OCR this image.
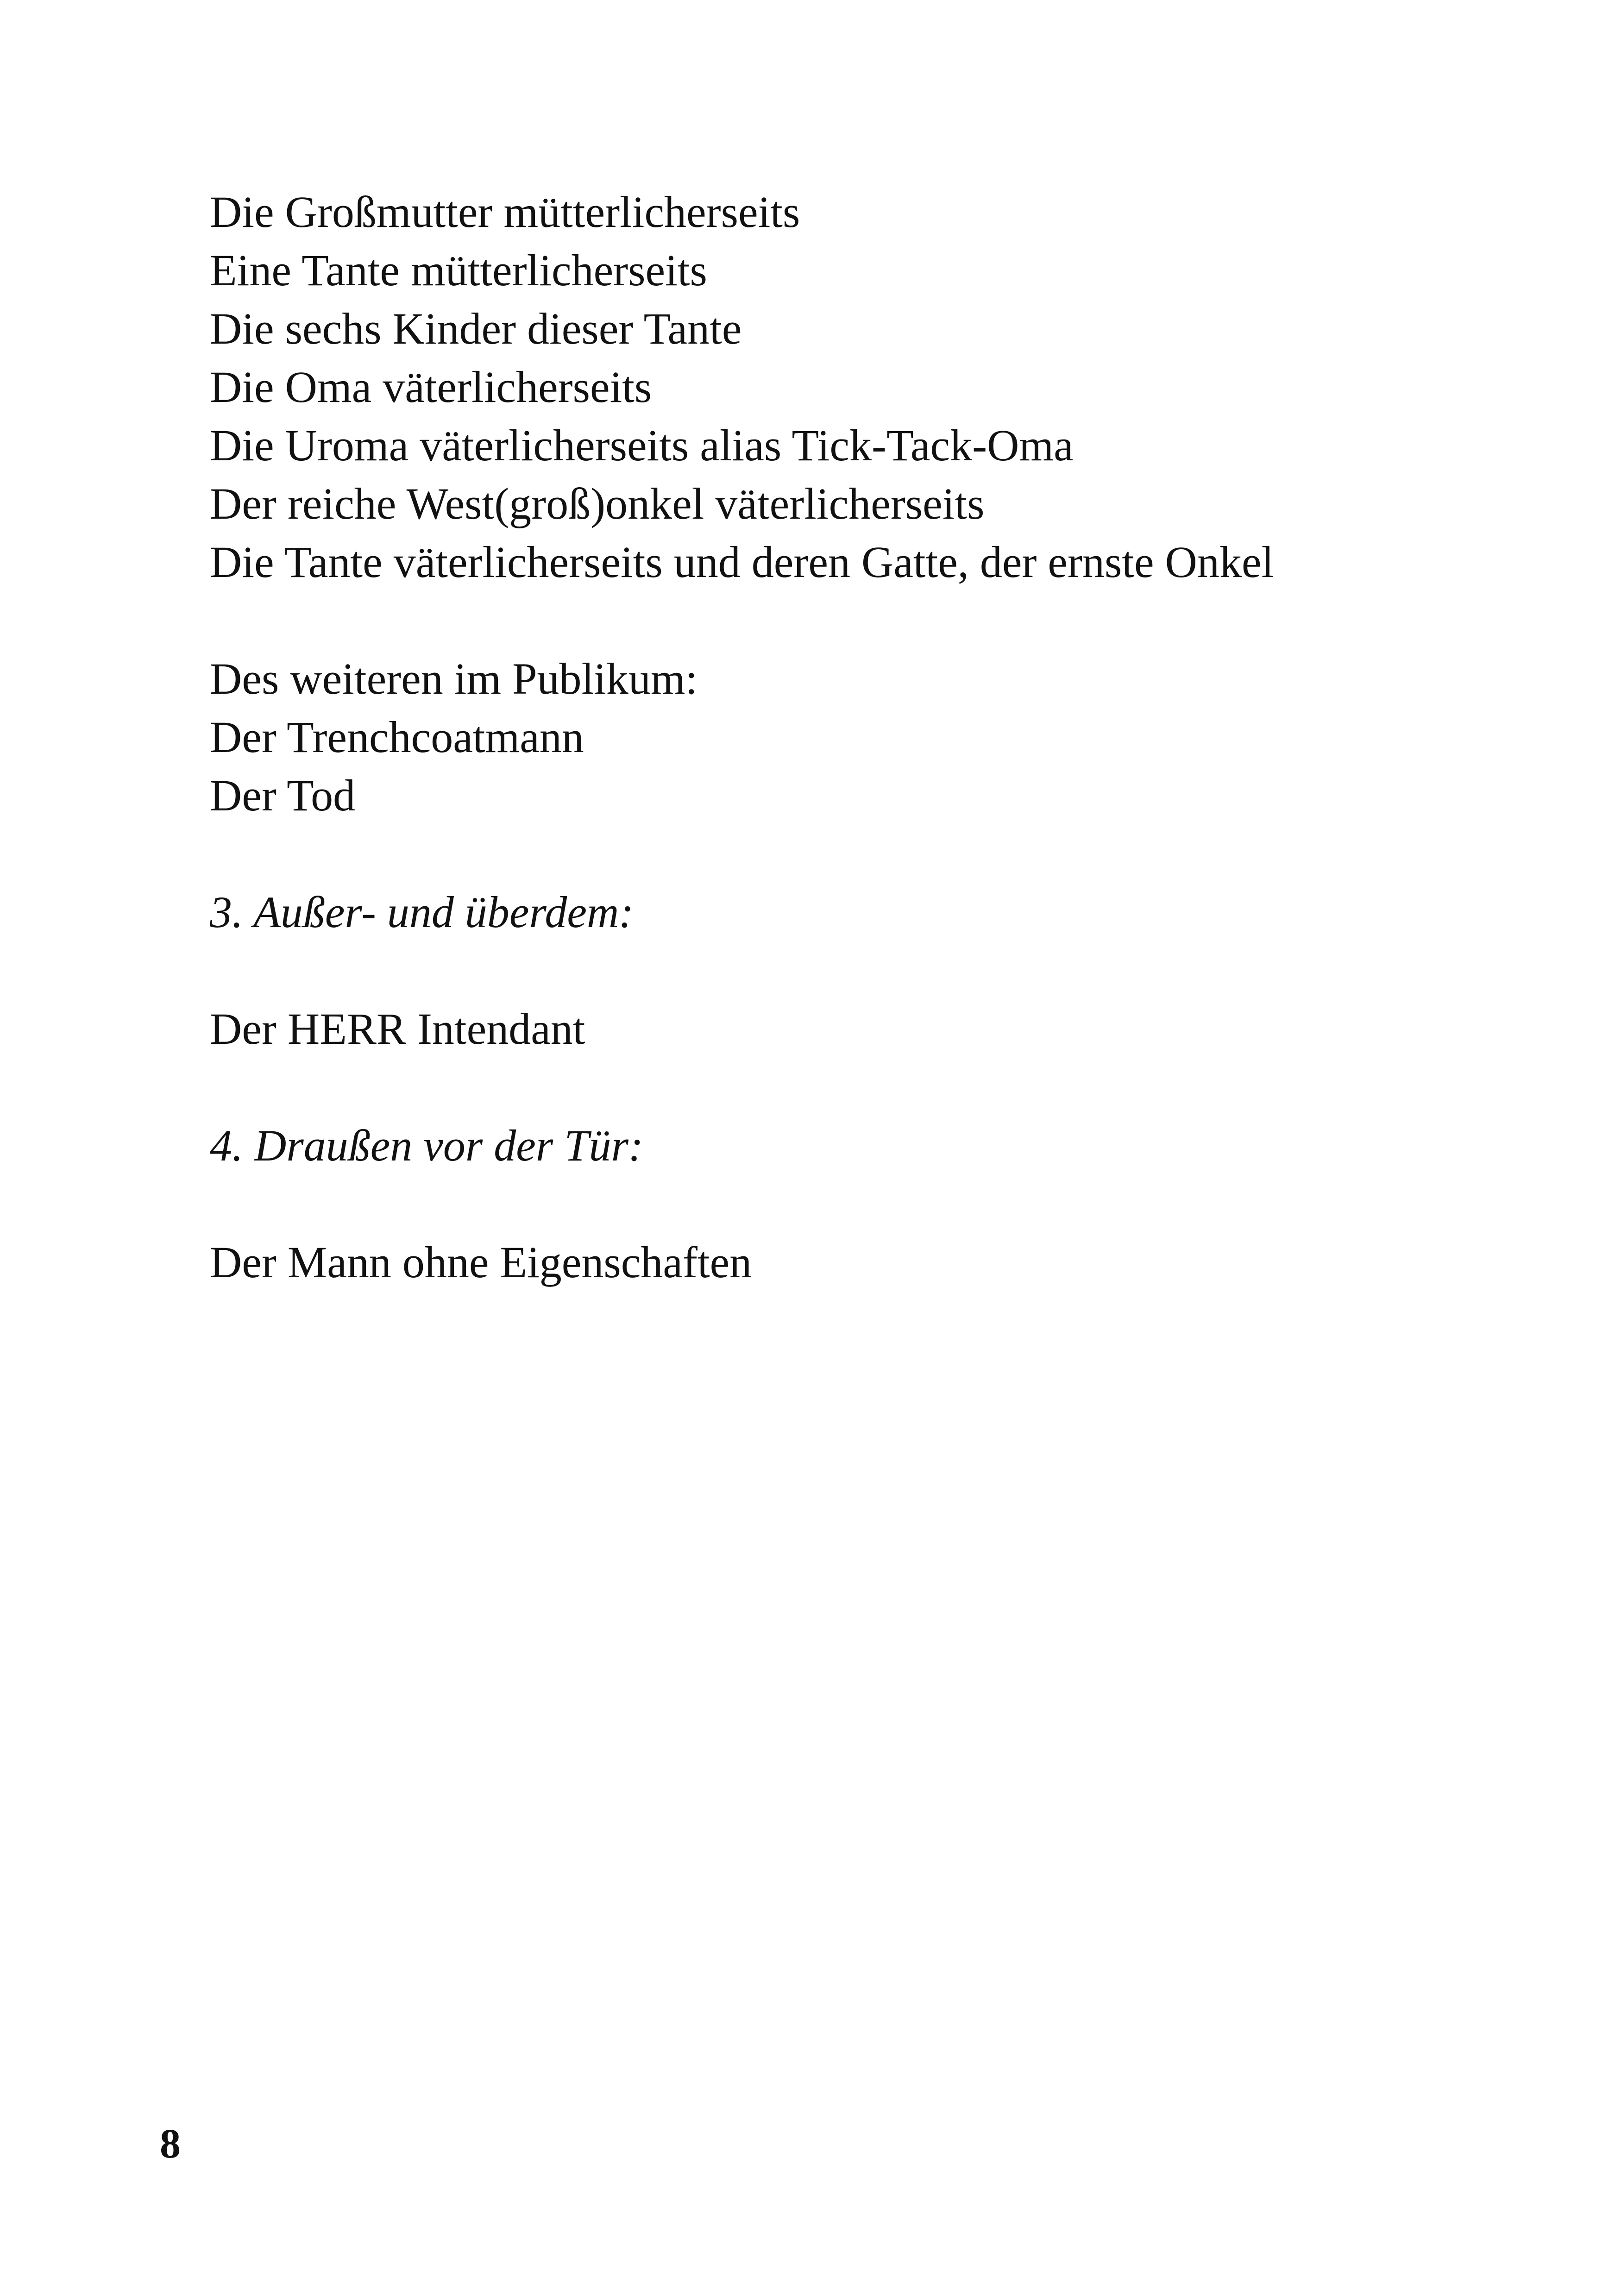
Die Großmutter mütterlicherseits

Eine Tante mütterlicherseits

Die sechs Kinder dieser Tante

Die Oma väterlicherseits

Die Uroma väterlicherseits alias Tick-Tack-Oma

Der reiche West(groß)onkel väterlicherseits

Die Tante väterlicherseits und deren Gatte, der ernste Onkel

Des weiteren im Publikum:

Der Trenchcoatmann

Der Tod

3. Außer- und überdem:

Der HERR Intendant

4. Draußen vor der Tür:

Der Mann ohne Eigenschaften

8
